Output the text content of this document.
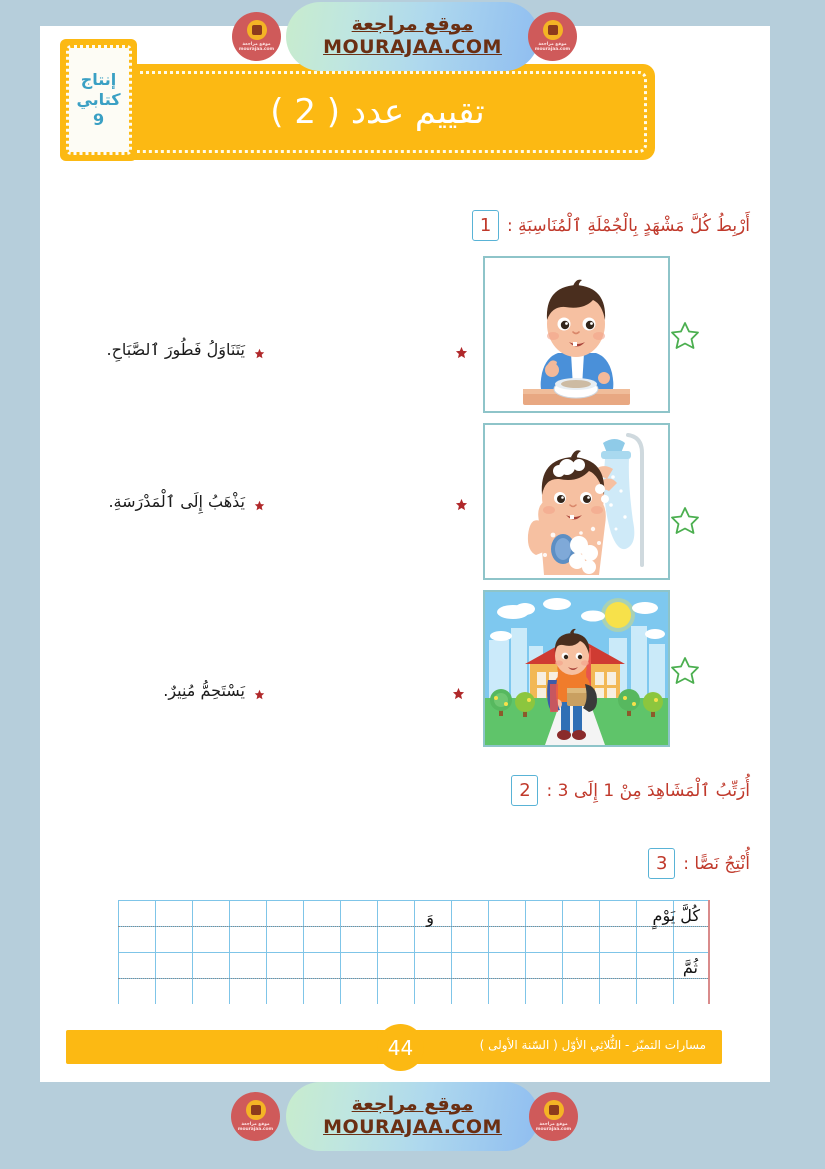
تقييم عدد ( 2 )
إنتاج
كتابي
9
1 أَرْبِطُ كُلَّ مَشْهَدٍ بِالْجُمْلَةِ ٱلْمُنَاسِبَةِ :
يَتَنَاوَلُ فَطُورَ ٱلصَّبَاحِ.
يَذْهَبُ إِلَى ٱلْمَدْرَسَةِ.
يَسْتَحِمُّ مُنِيرٌ.
2 أُرَتِّبُ ٱلْمَشَاهِدَ مِنْ 1 إِلَى 3 :
3 أُنْتِجُ نَصًّا :
كُلَّ يَوْمٍ
وَ
ثُمَّ
مسارات التميّز - الثُّلاثِي الأوّل ( السّنة الأولى )
44
موقع مراجعة
mourajaa.com
موقع مراجعة
MOURAJAA.COM	موقع مراجعة
mourajaa.com
موقع مراجعة
mourajaa.com
موقع مراجعة
MOURAJAA.COM	موقع مراجعة
mourajaa.com
